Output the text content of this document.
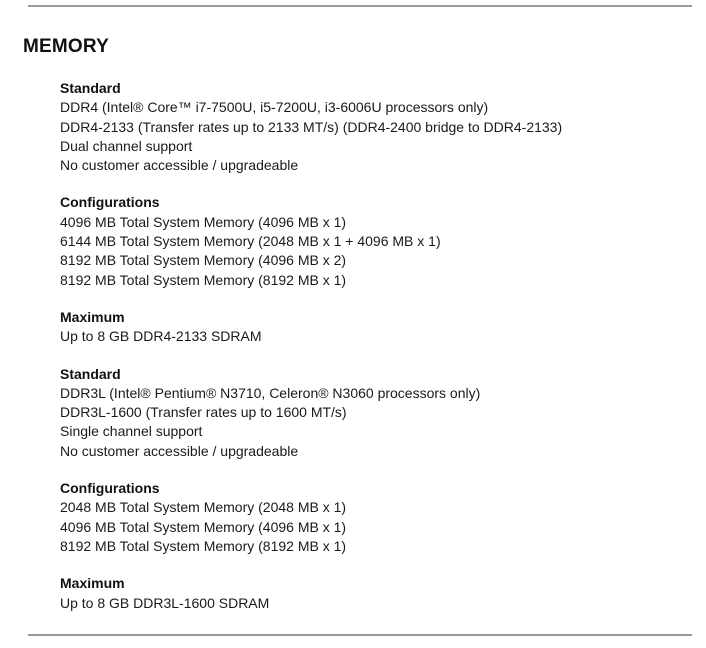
MEMORY
Standard
DDR4 (Intel® Core™ i7-7500U, i5-7200U, i3-6006U processors only)
DDR4-2133 (Transfer rates up to 2133 MT/s) (DDR4-2400 bridge to DDR4-2133)
Dual channel support
No customer accessible / upgradeable
Configurations
4096 MB Total System Memory (4096 MB x 1)
6144 MB Total System Memory (2048 MB x 1 + 4096 MB x 1)
8192 MB Total System Memory (4096 MB x 2)
8192 MB Total System Memory (8192 MB x 1)
Maximum
Up to 8 GB DDR4-2133 SDRAM
Standard
DDR3L (Intel® Pentium® N3710, Celeron® N3060 processors only)
DDR3L-1600 (Transfer rates up to 1600 MT/s)
Single channel support
No customer accessible / upgradeable
Configurations
2048 MB Total System Memory (2048 MB x 1)
4096 MB Total System Memory (4096 MB x 1)
8192 MB Total System Memory (8192 MB x 1)
Maximum
Up to 8 GB DDR3L-1600 SDRAM
